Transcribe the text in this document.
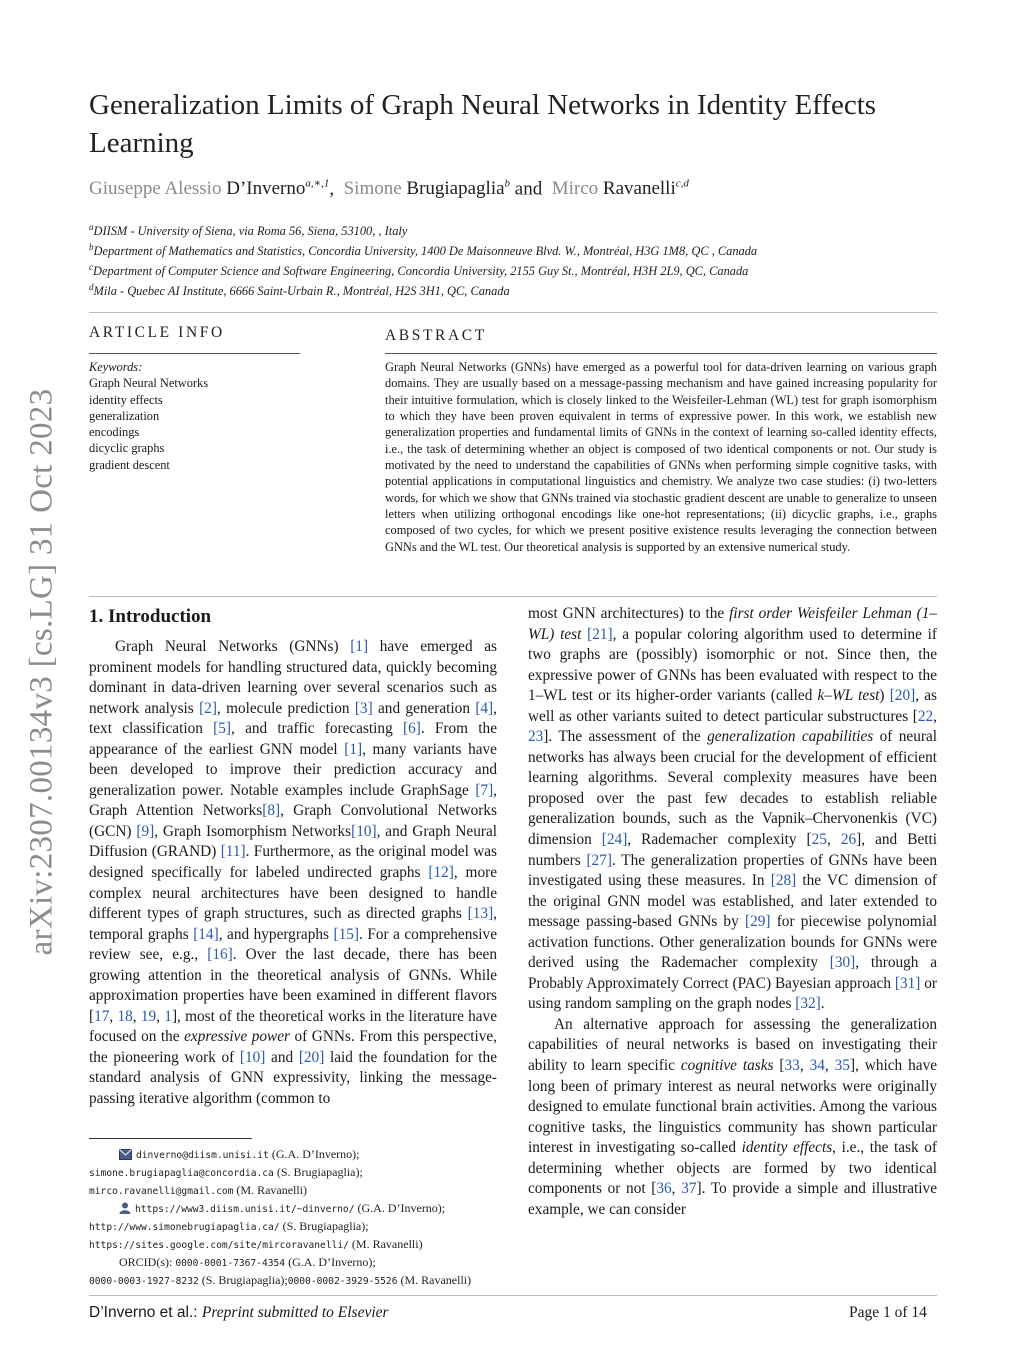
arXiv:2307.00134v3 [cs.LG] 31 Oct 2023
Generalization Limits of Graph Neural Networks in Identity Effects Learning
Giuseppe Alessio D’Inverno$^{a,∗,1}$,  Simone Brugiapaglia$^b$ and Mirco Ravanelli$^{c,d}$
$^a$DIISM - University of Siena, via Roma 56, Siena, 53100, , Italy
$^b$Department of Mathematics and Statistics, Concordia University, 1400 De Maisonneuve Blvd. W., Montréal, H3G 1M8, QC , Canada
$^c$Department of Computer Science and Software Engineering, Concordia University, 2155 Guy St., Montréal, H3H 2L9, QC, Canada
$^d$Mila - Quebec AI Institute, 6666 Saint-Urbain R., Montréal, H2S 3H1, QC, Canada
ARTICLE INFO	ABSTRACT
Keywords:
Graph Neural Networks
identity effects
generalization
encodings
dicyclic graphs
gradient descent
Graph Neural Networks (GNNs) have emerged as a powerful tool for data-driven learning on various graph domains. They are usually based on a message-passing mechanism and have gained increasing popularity for their intuitive formulation, which is closely linked to the Weisfeiler-Lehman (WL) test for graph isomorphism to which they have been proven equivalent in terms of expressive power. In this work, we establish new generalization properties and fundamental limits of GNNs in the context of learning so-called identity effects, i.e., the task of determining whether an object is composed of two identical components or not. Our study is motivated by the need to understand the capabilities of GNNs when performing simple cognitive tasks, with potential applications in computational linguistics and chemistry. We analyze two case studies: (i) two-letters words, for which we show that GNNs trained via stochastic gradient descent are unable to generalize to unseen letters when utilizing orthogonal encodings like one-hot representations; (ii) dicyclic graphs, i.e., graphs composed of two cycles, for which we present positive existence results leveraging the connection between GNNs and the WL test. Our theoretical analysis is supported by an extensive numerical study.
1. Introduction

Graph Neural Networks (GNNs) [1] have emerged as prominent models for handling structured data, quickly becoming dominant in data-driven learning over several scenarios such as network analysis [2], molecule prediction [3] and generation [4], text classification [5], and traffic forecasting [6]. From the appearance of the earliest GNN model [1], many variants have been developed to improve their prediction accuracy and generalization power. Notable examples include GraphSage [7], Graph Attention Networks[8], Graph Convolutional Networks (GCN) [9], Graph Isomorphism Networks[10], and Graph Neural Diffusion (GRAND) [11]. Furthermore, as the original model was designed specifically for labeled undirected graphs [12], more complex neural architectures have been designed to handle different types of graph structures, such as directed graphs [13], temporal graphs [14], and hypergraphs [15]. For a comprehensive review see, e.g., [16]. Over the last decade, there has been growing attention in the theoretical analysis of GNNs. While approximation properties have been examined in different flavors [17, 18, 19, 1], most of the theoretical works in the literature have focused on the expressive power of GNNs. From this perspective, the pioneering work of [10] and [20] laid the foundation for the standard analysis of GNN expressivity, linking the message-passing iterative algorithm (common to

most GNN architectures) to the first order Weisfeiler Lehman (1–WL) test [21], a popular coloring algorithm used to determine if two graphs are (possibly) isomorphic or not. Since then, the expressive power of GNNs has been evaluated with respect to the 1–WL test or its higher-order variants (called k–WL test) [20], as well as other variants suited to detect particular substructures [22, 23]. The assessment of the generalization capabilities of neural networks has always been crucial for the development of efficient learning algorithms. Several complexity measures have been proposed over the past few decades to establish reliable generalization bounds, such as the Vapnik–Chervonenkis (VC) dimension [24], Rademacher complexity [25, 26], and Betti numbers [27]. The generalization properties of GNNs have been investigated using these measures. In [28] the VC dimension of the original GNN model was established, and later extended to message passing-based GNNs by [29] for piecewise polynomial activation functions. Other generalization bounds for GNNs were derived using the Rademacher complexity [30], through a Probably Approximately Correct (PAC) Bayesian approach [31] or using random sampling on the graph nodes [32].

An alternative approach for assessing the generalization capabilities of neural networks is based on investigating their ability to learn specific cognitive tasks [33, 34, 35], which have long been of primary interest as neural networks were originally designed to emulate functional brain activities. Among the various cognitive tasks, the linguistics community has shown particular interest in investigating so-called identity effects, i.e., the task of determining whether objects are formed by two identical components or not [36, 37]. To provide a simple and illustrative example, we can consider

dinverno@diism.unisi.it (G.A. D’Inverno);
simone.brugiapaglia@concordia.ca (S. Brugiapaglia);
mirco.ravanelli@gmail.com (M. Ravanelli)
https://www3.diism.unisi.it/~dinverno/ (G.A. D’Inverno);
http://www.simonebrugiapaglia.ca/ (S. Brugiapaglia);
https://sites.google.com/site/mircoravanelli/ (M. Ravanelli)
ORCID(s): 0000-0001-7367-4354 (G.A. D’Inverno);
0000-0003-1927-8232 (S. Brugiapaglia);0000-0002-3929-5526 (M. Ravanelli)
D’Inverno et al.: Preprint submitted to Elsevier	Page 1 of 14
